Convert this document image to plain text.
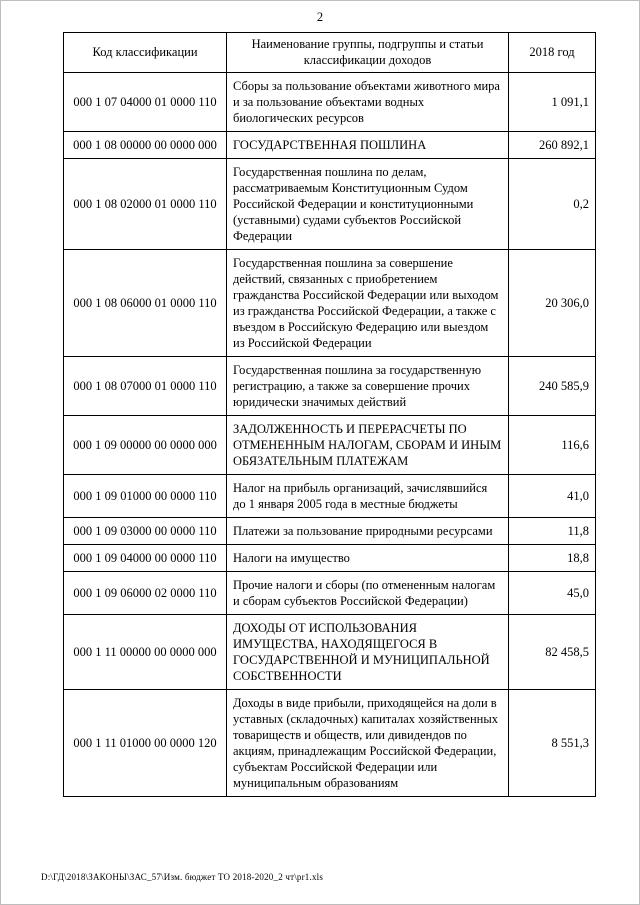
2
Код классификации	Наименование группы, подгруппы и статьи классификации доходов	2018 год
000 1 07 04000 01 0000 110	Сборы за пользование объектами животного мира и за пользование объектами водных биологических ресурсов	1 091,1
000 1 08 00000 00 0000 000	ГОСУДАРСТВЕННАЯ ПОШЛИНА	260 892,1
000 1 08 02000 01 0000 110	Государственная пошлина по делам, рассматриваемым Конституционным Судом Российской Федерации и конституционными (уставными) судами субъектов Российской Федерации	0,2
000 1 08 06000 01 0000 110	Государственная пошлина за совершение действий, связанных с приобретением гражданства Российской Федерации или выходом из гражданства Российской Федерации, а также с въездом в Российскую Федерацию или выездом из Российской Федерации	20 306,0
000 1 08 07000 01 0000 110	Государственная пошлина за государственную регистрацию, а также за совершение прочих юридически значимых действий	240 585,9
000 1 09 00000 00 0000 000	ЗАДОЛЖЕННОСТЬ И ПЕРЕРАСЧЕТЫ ПО ОТМЕНЕННЫМ НАЛОГАМ, СБОРАМ И ИНЫМ ОБЯЗАТЕЛЬНЫМ ПЛАТЕЖАМ	116,6
000 1 09 01000 00 0000 110	Налог на прибыль организаций, зачислявшийся до 1 января 2005 года в местные бюджеты	41,0
000 1 09 03000 00 0000 110	Платежи за пользование природными ресурсами	11,8
000 1 09 04000 00 0000 110	Налоги на имущество	18,8
000 1 09 06000 02 0000 110	Прочие налоги и сборы (по отмененным налогам и сборам субъектов Российской Федерации)	45,0
000 1 11 00000 00 0000 000	ДОХОДЫ ОТ ИСПОЛЬЗОВАНИЯ ИМУЩЕСТВА, НАХОДЯЩЕГОСЯ В ГОСУДАРСТВЕННОЙ И МУНИЦИПАЛЬНОЙ СОБСТВЕННОСТИ	82 458,5
000 1 11 01000 00 0000 120	Доходы в виде прибыли, приходящейся на доли в уставных (складочных) капиталах хозяйственных товариществ и обществ, или дивидендов по акциям, принадлежащим Российской Федерации, субъектам Российской Федерации или муниципальным образованиям	8 551,3
D:\ГД\2018\ЗАКОНЫ\ЗАС_57\Изм. бюджет ТО 2018-2020_2 чт\pr1.xls
